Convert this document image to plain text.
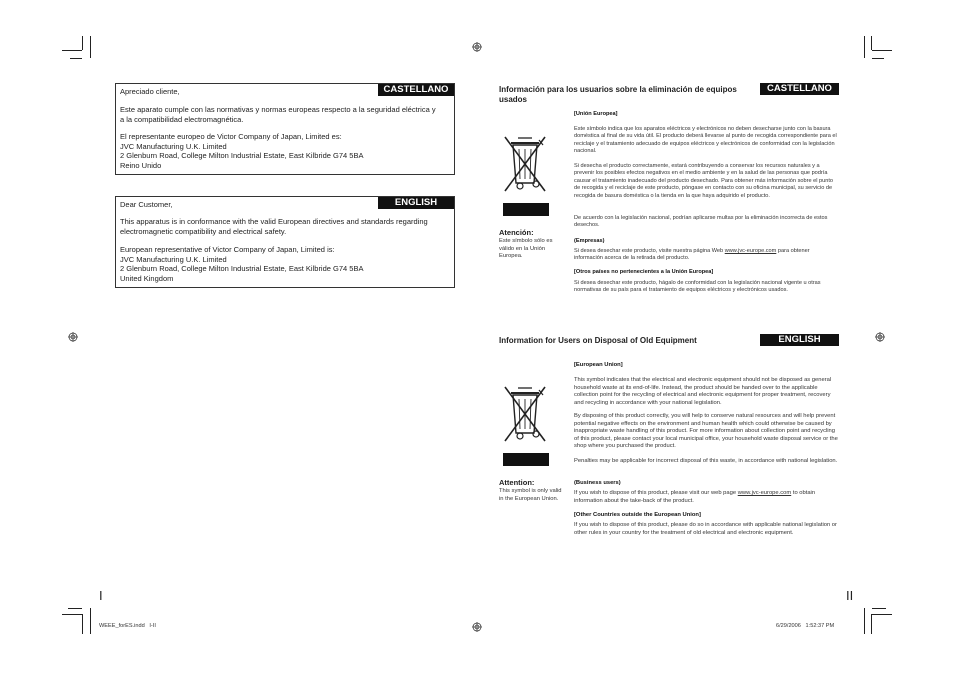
CASTELLANO
Apreciado cliente,
Este aparato cumple con las normativas y normas europeas respecto a la seguridad eléctrica y a la compatibilidad electromagnética.
El representante europeo de Victor Company of Japan, Limited es:
JVC Manufacturing U.K. Limited
2 Glenburn Road, College Milton Industrial Estate, East Kilbride G74 5BA
Reino Unido
ENGLISH
Dear Customer,
This apparatus is in conformance with the valid European directives and standards regarding electromagnetic compatibility and electrical safety.
European representative of Victor Company of Japan, Limited is:
JVC Manufacturing U.K. Limited
2 Glenburn Road, College Milton Industrial Estate, East Kilbride G74 5BA
United Kingdom
I
Información para los usuarios sobre la eliminación de equipos usados
CASTELLANO
Atención:
Este símbolo sólo es válido en la Unión Europea.
[Unión Europea]
Este símbolo indica que los aparatos eléctricos y electrónicos no deben desecharse junto con la basura doméstica al final de su vida útil. El producto deberá llevarse al punto de recogida correspondiente para el reciclaje y el tratamiento adecuado de equipos eléctricos y electrónicos de conformidad con la legislación nacional.
Si desecha el producto correctamente, estará contribuyendo a conservar los recursos naturales y a prevenir los posibles efectos negativos en el medio ambiente y en la salud de las personas que podría causar el tratamiento inadecuado del producto desechado. Para obtener más información sobre el punto de recogida y el reciclaje de este producto, póngase en contacto con su oficina municipal, su servicio de recogida de basura doméstica o la tienda en la que haya adquirido el producto.
De acuerdo con la legislación nacional, podrían aplicarse multas por la eliminación incorrecta de estos desechos.
(Empresas)
Si desea desechar este producto, visite nuestra página Web www.jvc-europe.com para obtener información acerca de la retirada del producto.
[Otros países no pertenecientes a la Unión Europea]
Si desea desechar este producto, hágalo de conformidad con la legislación nacional vigente u otras normativas de su país para el tratamiento de equipos eléctricos y electrónicos usados.
Information for Users on Disposal of Old Equipment	ENGLISH
Attention:
This symbol is only valid in the European Union.
[European Union]
This symbol indicates that the electrical and electronic equipment should not be disposed as general household waste at its end-of-life. Instead, the product should be handed over to the applicable collection point for the recycling of electrical and electronic equipment for proper treatment, recovery and recycling in accordance with your national legislation.
By disposing of this product correctly, you will help to conserve natural resources and will help prevent potential negative effects on the environment and human health which could otherwise be caused by inappropriate waste handling of this product. For more information about collection point and recycling of this product, please contact your local municipal office, your household waste disposal service or the shop where you purchased the product.
Penalties may be applicable for incorrect disposal of this waste, in accordance with national legislation.
(Business users)
If you wish to dispose of this product, please visit our web page www.jvc-europe.com to obtain information about the take-back of the product.
[Other Countries outside the European Union]
If you wish to dispose of this product, please do so in accordance with applicable national legislation or other rules in your country for the treatment of old electrical and electronic equipment.
II
WEEE_forES.indd   I-II	6/29/2006   1:52:37 PM
